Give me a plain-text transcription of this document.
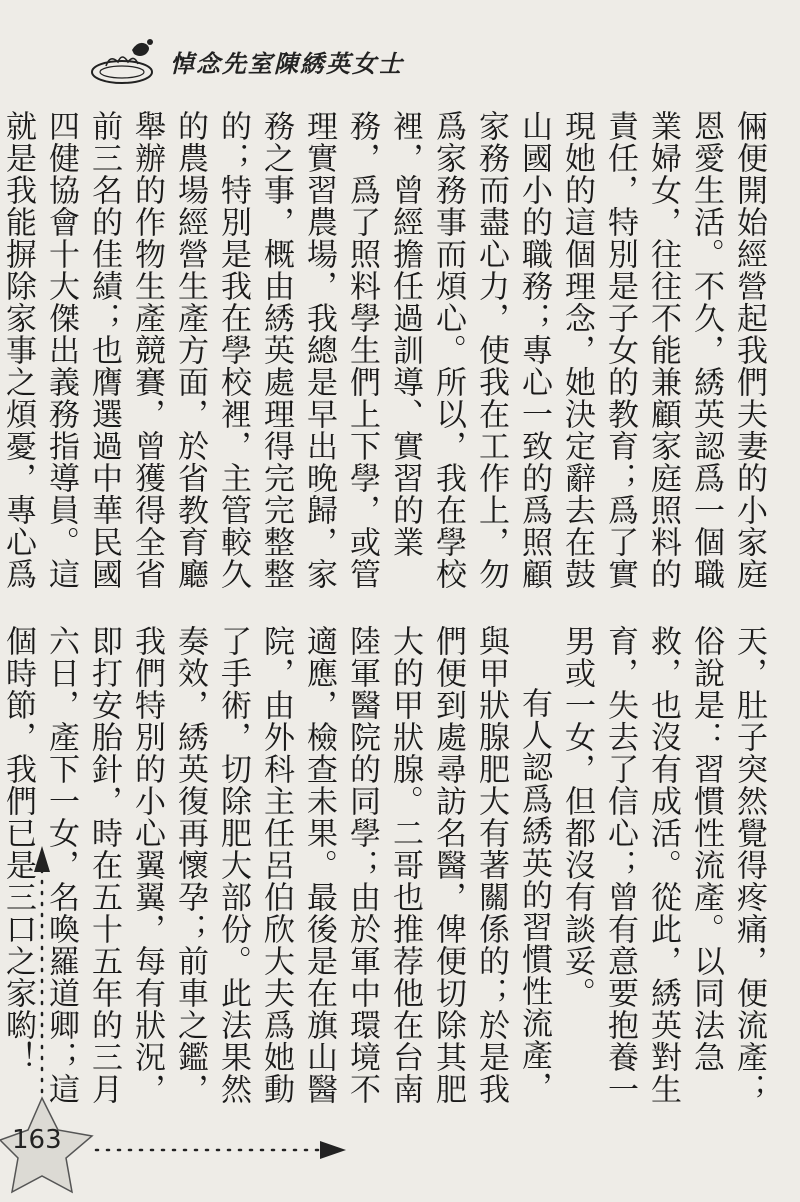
悼念先室陳綉英女士

倆便開始經營起我們夫妻的小家庭恩愛生活。不久，綉英認爲一個職業婦女，往往不能兼顧家庭照料的責任，特別是子女的教育；爲了實現她的這個理念，她決定辭去在鼓山國小的職務；專心一致的爲照顧家務而盡心力，使我在工作上，勿爲家務事而煩心。所以，我在學校裡，曾經擔任過訓導、實習的業務，爲了照料學生們上下學，或管理實習農場，我總是早出晚歸，家務之事，概由綉英處理得完完整整的；特別是我在學校裡，主管較久的農場經營生產方面，於省教育廳舉辦的作物生產競賽，曾獲得全省前三名的佳績；也膺選過中華民國四健協會十大傑出義務指導員。這就是我能摒除家事之煩憂，專心爲

天，肚子突然覺得疼痛，便流產；俗說是：習慣性流產。以同法急救，也沒有成活。從此，綉英對生育，失去了信心；曾有意要抱養一男或一女，但都沒有談妥。

有人認爲綉英的習慣性流產，與甲狀腺肥大有著關係的；於是我們便到處尋訪名醫，俾便切除其肥大的甲狀腺。二哥也推荐他在台南陸軍醫院的同學；由於軍中環境不適應，檢查未果。最後是在旗山醫院，由外科主任呂伯欣大夫爲她動了手術，切除肥大部份。此法果然奏效，綉英復再懷孕；前車之鑑，我們特別的小心翼翼，每有狀況，即打安胎針，時在五十五年的三月六日，產下一女，名喚羅道卿；這個時節，我們已是三口之家喲！

163
